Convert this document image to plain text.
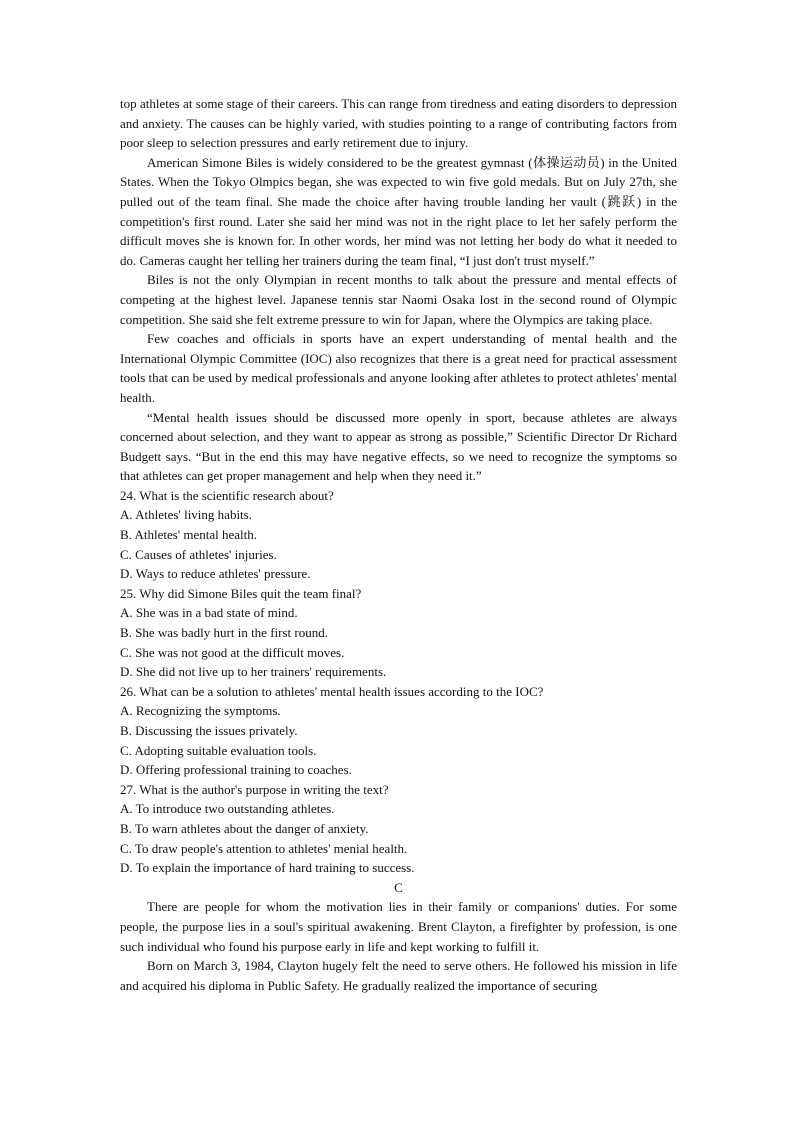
top athletes at some stage of their careers. This can range from tiredness and eating disorders to depression and anxiety. The causes can be highly varied, with studies pointing to a range of contributing factors from poor sleep to selection pressures and early retirement due to injury.

American Simone Biles is widely considered to be the greatest gymnast (体操运动员) in the United States. When the Tokyo Olmpics began, she was expected to win five gold medals. But on July 27th, she pulled out of the team final. She made the choice after having trouble landing her vault (跳跃) in the competition's first round. Later she said her mind was not in the right place to let her safely perform the difficult moves she is known for. In other words, her mind was not letting her body do what it needed to do. Cameras caught her telling her trainers during the team final, “I just don't trust myself.”

Biles is not the only Olympian in recent months to talk about the pressure and mental effects of competing at the highest level. Japanese tennis star Naomi Osaka lost in the second round of Olympic competition. She said she felt extreme pressure to win for Japan, where the Olympics are taking place.

Few coaches and officials in sports have an expert understanding of mental health and the International Olympic Committee (IOC) also recognizes that there is a great need for practical assessment tools that can be used by medical professionals and anyone looking after athletes to protect athletes' mental health.

“Mental health issues should be discussed more openly in sport, because athletes are always concerned about selection, and they want to appear as strong as possible,” Scientific Director Dr Richard Budgett says. “But in the end this may have negative effects, so we need to recognize the symptoms so that athletes can get proper management and help when they need it.”

24. What is the scientific research about?
A. Athletes' living habits.
B. Athletes' mental health.
C. Causes of athletes' injuries.
D. Ways to reduce athletes' pressure.
25. Why did Simone Biles quit the team final?
A. She was in a bad state of mind.
B. She was badly hurt in the first round.
C. She was not good at the difficult moves.
D. She did not live up to her trainers' requirements.
26. What can be a solution to athletes' mental health issues according to the IOC?
A. Recognizing the symptoms.
B. Discussing the issues privately.
C. Adopting suitable evaluation tools.
D. Offering professional training to coaches.
27. What is the author's purpose in writing the text?
A. To introduce two outstanding athletes.
B. To warn athletes about the danger of anxiety.
C. To draw people's attention to athletes' menial health.
D. To explain the importance of hard training to success.
C

There are people for whom the motivation lies in their family or companions' duties. For some people, the purpose lies in a soul's spiritual awakening. Brent Clayton, a firefighter by profession, is one such individual who found his purpose early in life and kept working to fulfill it.

Born on March 3, 1984, Clayton hugely felt the need to serve others. He followed his mission in life and acquired his diploma in Public Safety. He gradually realized the importance of securing
